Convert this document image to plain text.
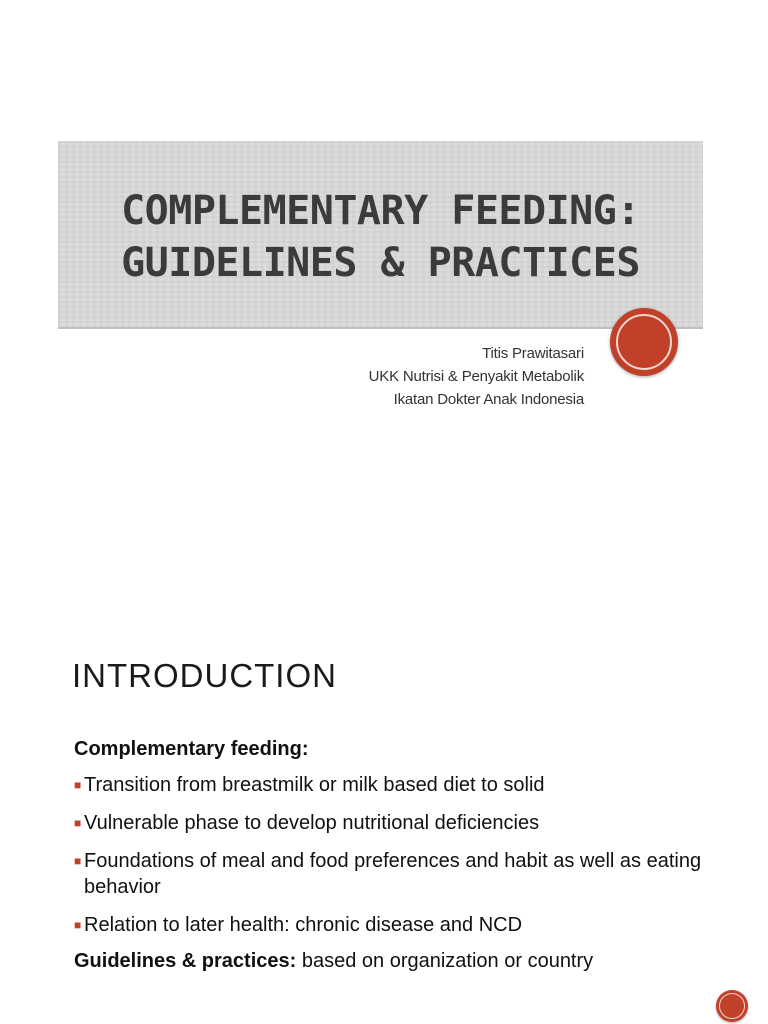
COMPLEMENTARY FEEDING:
GUIDELINES & PRACTICES
Titis Prawitasari
UKK Nutrisi & Penyakit Metabolik
Ikatan Dokter Anak Indonesia
INTRODUCTION
Complementary feeding:
■ Transition from breastmilk or milk based diet to solid
■ Vulnerable phase to develop nutritional deficiencies
■ Foundations of meal and food preferences and habit as well as eating behavior
■ Relation to later health: chronic disease and NCD
Guidelines & practices: based on organization or country
